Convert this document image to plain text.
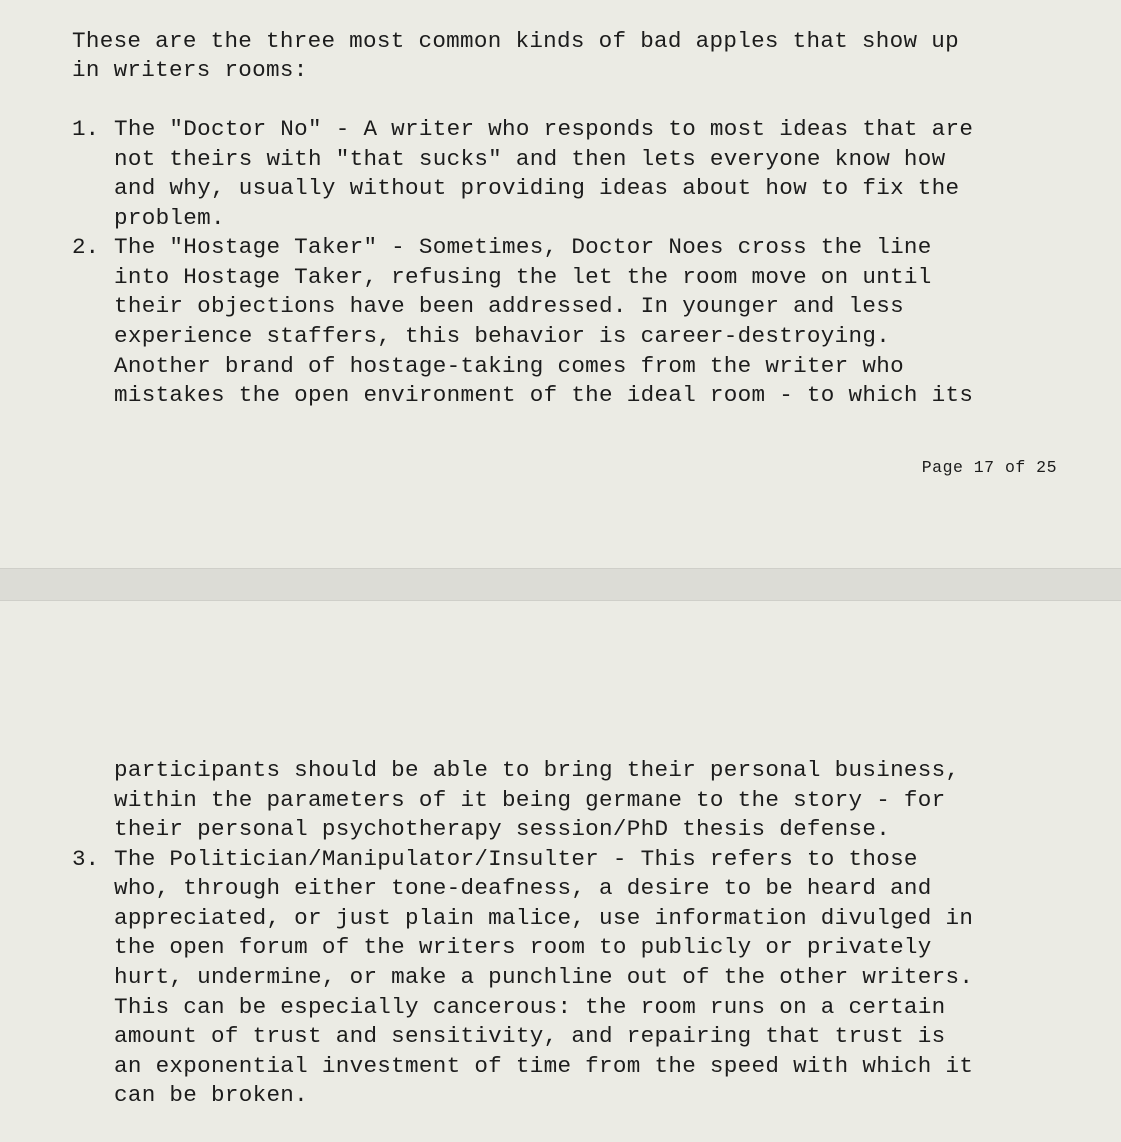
These are the three most common kinds of bad apples that show up
in writers rooms:
1. The "Doctor No" - A writer who responds to most ideas that are
not theirs with "that sucks" and then lets everyone know how
and why, usually without providing ideas about how to fix the
problem.
2. The "Hostage Taker" - Sometimes, Doctor Noes cross the line
into Hostage Taker, refusing the let the room move on until
their objections have been addressed. In younger and less
experience staffers, this behavior is career-destroying.
Another brand of hostage-taking comes from the writer who
mistakes the open environment of the ideal room - to which its
Page 17 of 25
participants should be able to bring their personal business,
within the parameters of it being germane to the story - for
their personal psychotherapy session/PhD thesis defense.
3. The Politician/Manipulator/Insulter - This refers to those
who, through either tone-deafness, a desire to be heard and
appreciated, or just plain malice, use information divulged in
the open forum of the writers room to publicly or privately
hurt, undermine, or make a punchline out of the other writers.
This can be especially cancerous: the room runs on a certain
amount of trust and sensitivity, and repairing that trust is
an exponential investment of time from the speed with which it
can be broken.
